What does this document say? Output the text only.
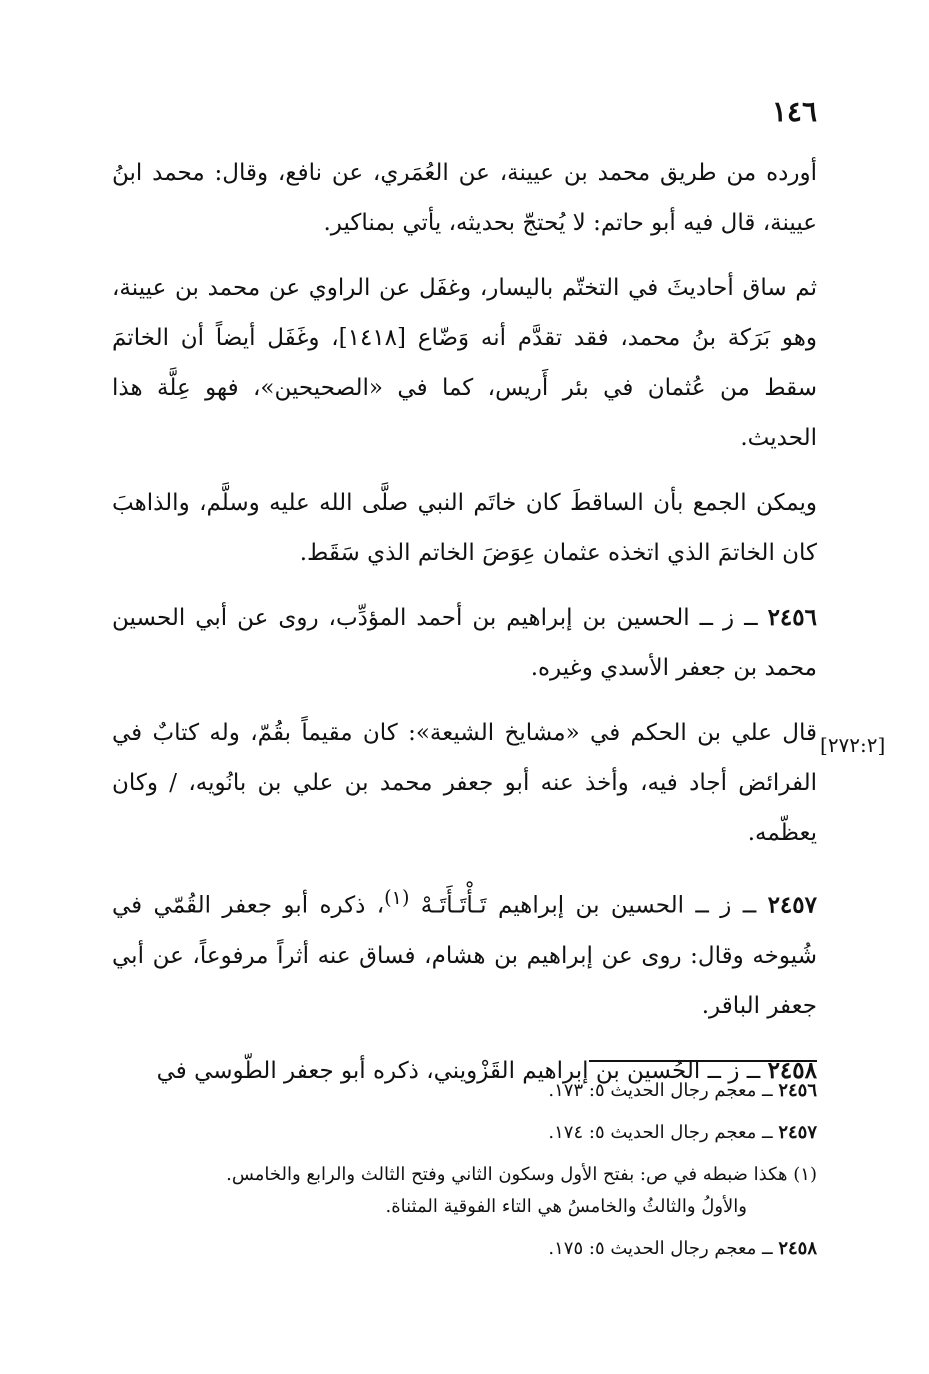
١٤٦

أورده من طريق محمد بن عيينة، عن العُمَري، عن نافع، وقال: محمد ابنُ عيينة، قال فيه أبو حاتم: لا يُحتجّ بحديثه، يأتي بمناكير.

ثم ساق أحاديثَ في التختّم باليسار، وغفَل عن الراوي عن محمد بن عيينة، وهو بَرَكة بنُ محمد، فقد تقدَّم أنه وَضّاع [١٤١٨]، وغَفَل أيضاً أن الخاتمَ سقط من عُثمان في بئر أَريس، كما في «الصحيحين»، فهو عِلَّة هذا الحديث.

ويمكن الجمع بأن الساقطَ كان خاتَم النبي صلَّى الله عليه وسلَّم، والذاهبَ كان الخاتمَ الذي اتخذه عثمان عِوَضَ الخاتم الذي سَقَط.

٢٤٥٦ ــ ز ــ الحسين بن إبراهيم بن أحمد المؤدِّب، روى عن أبي الحسين محمد بن جعفر الأسدي وغيره.

قال علي بن الحكم في «مشايخ الشيعة»: كان مقيماً بقُمّ، وله كتابٌ في الفرائض أجاد فيه، وأخذ عنه أبو جعفر محمد بن علي بن بانُويه، / وكان يعظّمه.

٢٤٥٧ ــ ز ــ الحسين بن إبراهيم تَـأْتَـأَتَـهْ $^{(١)}$، ذكره أبو جعفر القُمّي في شُيوخه وقال: روى عن إبراهيم بن هشام، فساق عنه أثراً مرفوعاً، عن أبي جعفر الباقر.

٢٤٥٨ ــ ز ــ الحُسين بن إبراهيم القَزْويني، ذكره أبو جعفر الطّوسي في

[٢٧٢:٢]

٢٤٥٦ ــ معجم رجال الحديث ٥: ١٧٣.

٢٤٥٧ ــ معجم رجال الحديث ٥: ١٧٤.

(١) هكذا ضبطه في ص: بفتح الأول وسكون الثاني وفتح الثالث والرابع والخامس.

والأولُ والثالثُ والخامسُ هي التاء الفوقية المثناة.

٢٤٥٨ ــ معجم رجال الحديث ٥: ١٧٥.
